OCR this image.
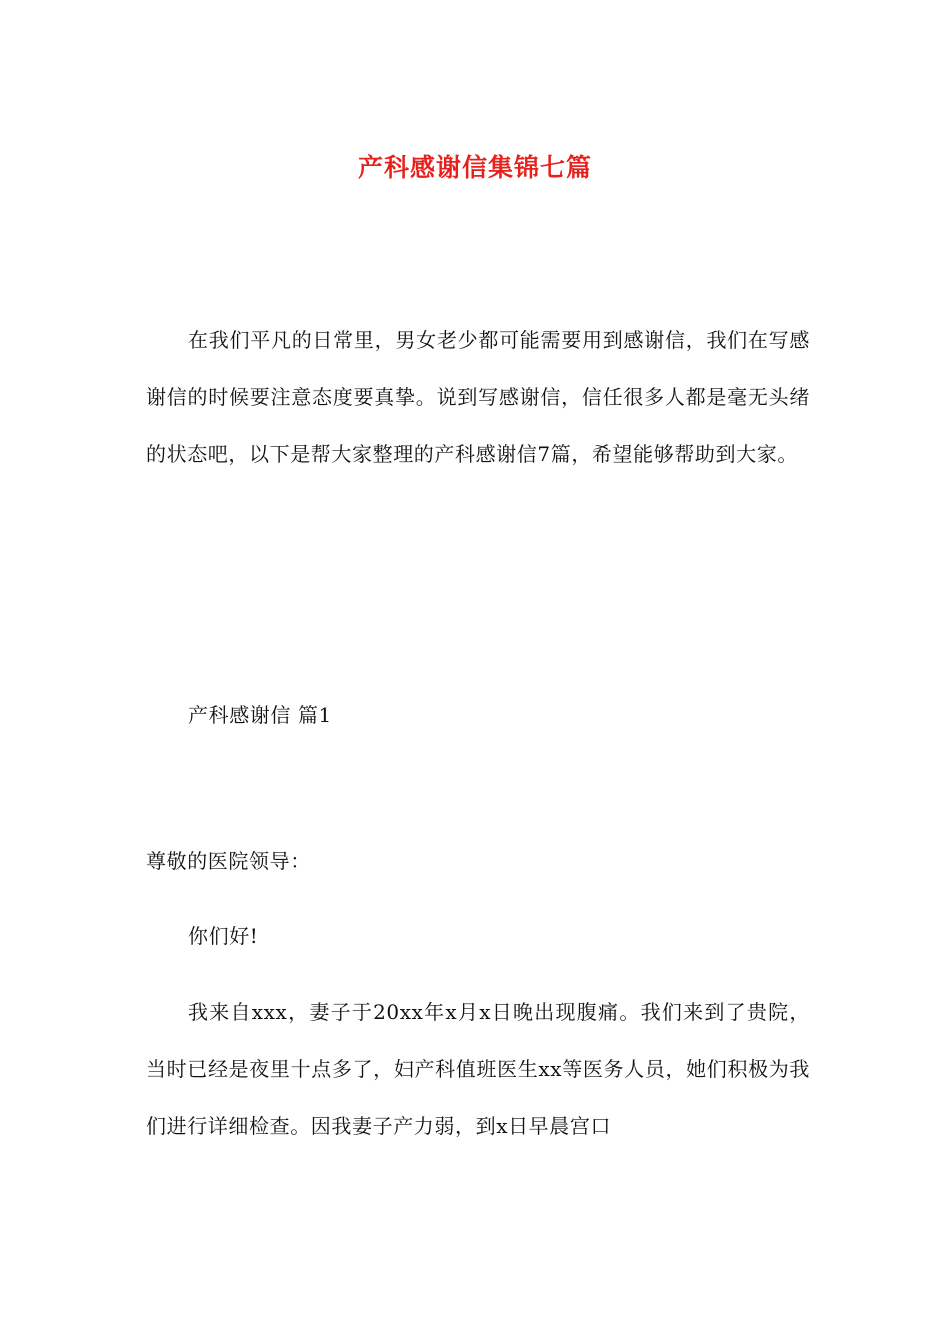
产科感谢信集锦七篇

在我们平凡的日常里，男女老少都可能需要用到感谢信，我们在写感谢信的时候要注意态度要真挚。说到写感谢信，信任很多人都是毫无头绪的状态吧，以下是帮大家整理的产科感谢信7篇，希望能够帮助到大家。

产科感谢信 篇1

尊敬的医院领导：

你们好!

我来自xxx，妻子于20xx年x月x日晚出现腹痛。我们来到了贵院，当时已经是夜里十点多了，妇产科值班医生xx等医务人员，她们积极为我们进行详细检查。因我妻子产力弱，到x日早晨宫口
